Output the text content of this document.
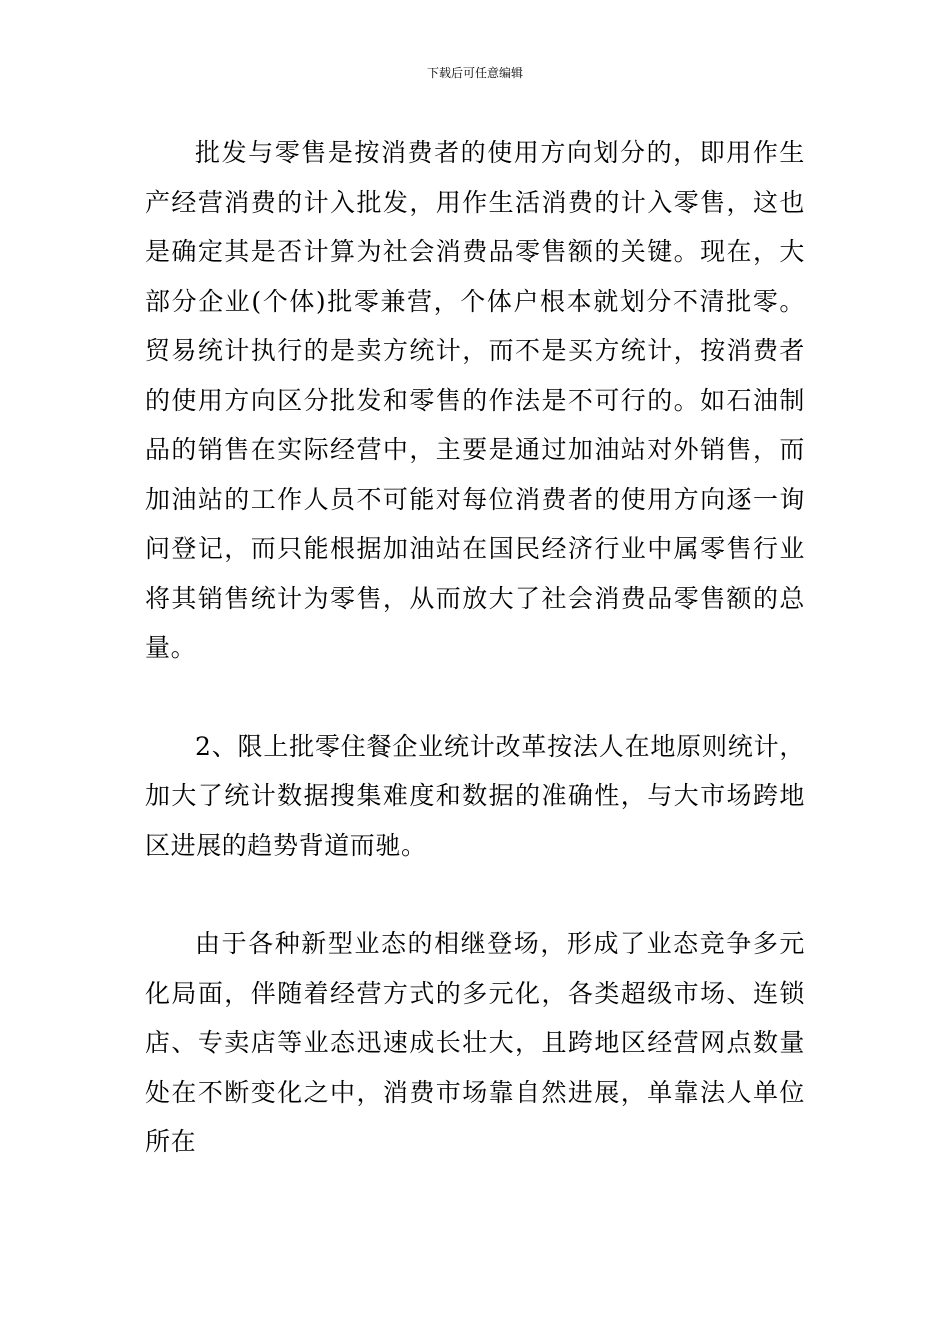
下载后可任意编辑

批发与零售是按消费者的使用方向划分的，即用作生产经营消费的计入批发，用作生活消费的计入零售，这也是确定其是否计算为社会消费品零售额的关键。现在，大部分企业(个体)批零兼营，个体户根本就划分不清批零。贸易统计执行的是卖方统计，而不是买方统计，按消费者的使用方向区分批发和零售的作法是不可行的。如石油制品的销售在实际经营中，主要是通过加油站对外销售，而加油站的工作人员不可能对每位消费者的使用方向逐一询问登记，而只能根据加油站在国民经济行业中属零售行业将其销售统计为零售，从而放大了社会消费品零售额的总量。

2、限上批零住餐企业统计改革按法人在地原则统计，加大了统计数据搜集难度和数据的准确性，与大市场跨地区进展的趋势背道而驰。

由于各种新型业态的相继登场，形成了业态竞争多元化局面，伴随着经营方式的多元化，各类超级市场、连锁店、专卖店等业态迅速成长壮大，且跨地区经营网点数量处在不断变化之中，消费市场靠自然进展，单靠法人单位所在
